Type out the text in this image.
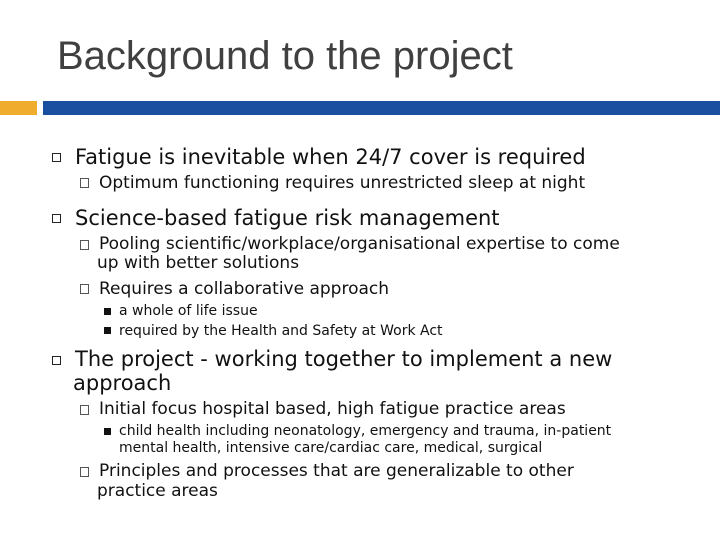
Background to the project
Fatigue is inevitable when 24/7 cover is required
Optimum functioning requires unrestricted sleep at night
Science-based fatigue risk management
Pooling scientific/workplace/organisational expertise to come
up with better solutions
Requires a collaborative approach
a whole of life issue
required by the Health and Safety at Work Act
The project - working together to implement a new
approach
Initial focus hospital based, high fatigue practice areas
child health including neonatology, emergency and trauma, in-patient
mental health, intensive care/cardiac care, medical, surgical
Principles and processes that are generalizable to other
practice areas
